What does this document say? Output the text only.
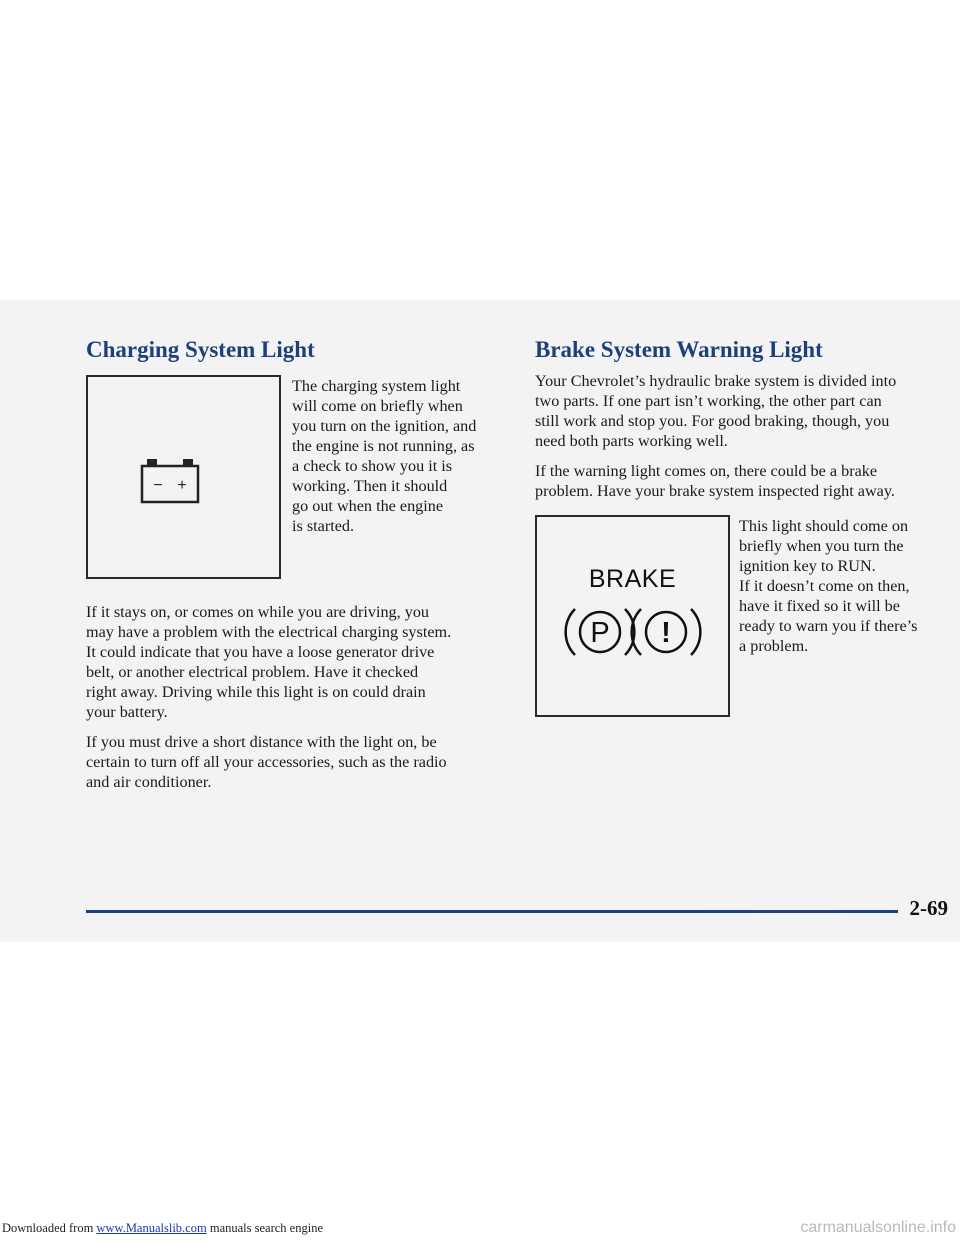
Charging System Light
− +
The charging system light
will come on briefly when
you turn on the ignition, and
the engine is not running, as
a check to show you it is
working. Then it should
go out when the engine
is started.
If it stays on, or comes on while you are driving, you
may have a problem with the electrical charging system.
It could indicate that you have a loose generator drive
belt, or another electrical problem. Have it checked
right away. Driving while this light is on could drain
your battery.
If you must drive a short distance with the light on, be
certain to turn off all your accessories, such as the radio
and air conditioner.
Brake System Warning Light
Your Chevrolet’s hydraulic brake system is divided into
two parts. If one part isn’t working, the other part can
still work and stop you. For good braking, though, you
need both parts working well.
If the warning light comes on, there could be a brake
problem. Have your brake system inspected right away.
BRAKE
P !
This light should come on
briefly when you turn the
ignition key to RUN.
If it doesn’t come on then,
have it fixed so it will be
ready to warn you if there’s
a problem.

2-69

Downloaded from www.Manualslib.com manuals search engine	carmanualsonline.info
